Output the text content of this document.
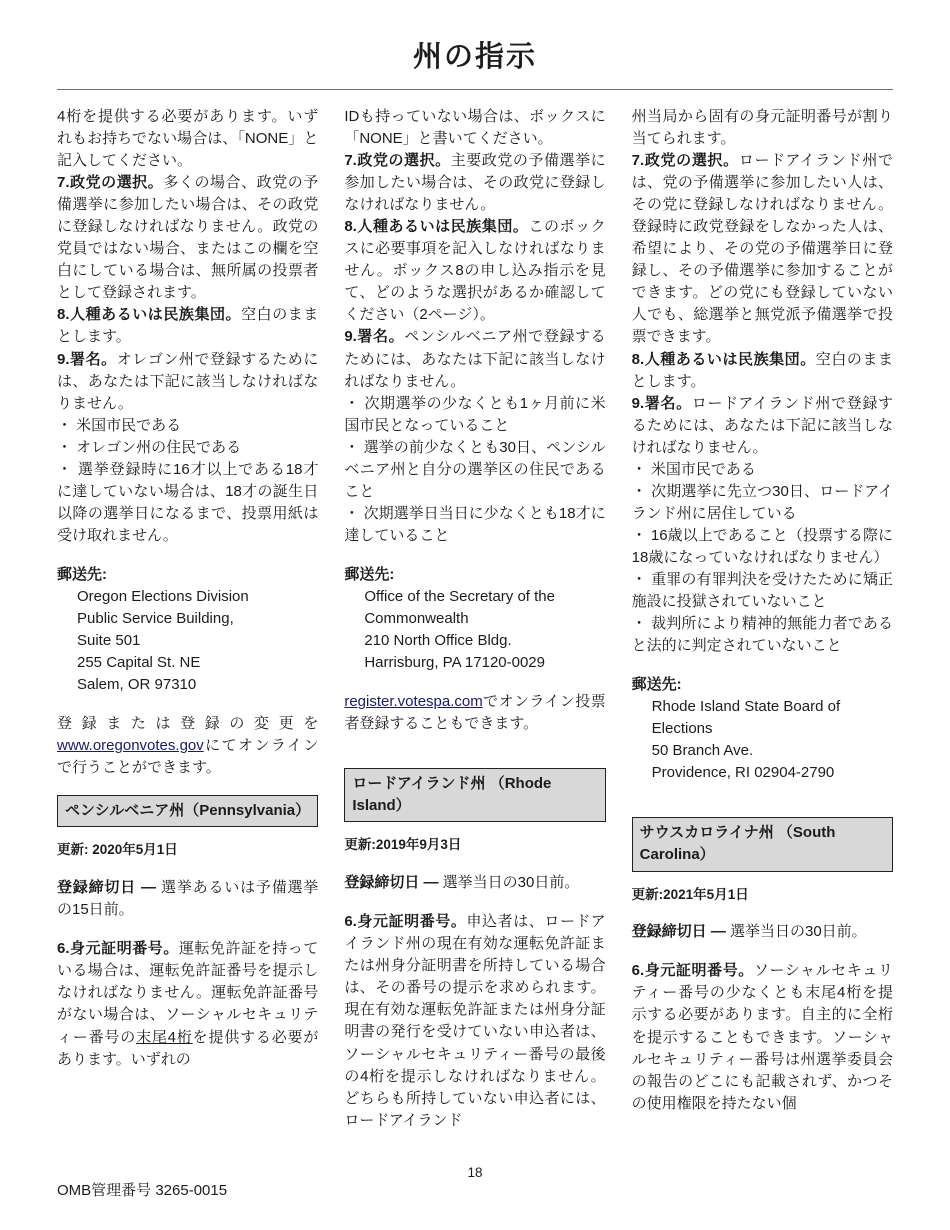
州の指示

4桁を提供する必要があります。いずれもお持ちでない場合は、「NONE」と記入してください。

7.政党の選択。多くの場合、政党の予備選挙に参加したい場合は、その政党に登録しなければなりません。政党の党員ではない場合、またはこの欄を空白にしている場合は、無所属の投票者として登録されます。

8.人種あるいは民族集団。空白のままとします。

9.署名。オレゴン州で登録するためには、あなたは下記に該当しなければなりません。

・ 米国市民である

・ オレゴン州の住民である

・ 選挙登録時に16才以上である18才に達していない場合は、18才の誕生日以降の選挙日になるまで、投票用紙は受け取れません。

郵送先:

Oregon Elections Division
Public Service Building,
Suite 501
255 Capital St. NE
Salem, OR 97310

登録または登録の変更をwww.oregonvotes.govにてオンラインで行うことができます。

ペンシルベニア州（Pennsylvania）

更新: 2020年5月1日

登録締切日 — 選挙あるいは予備選挙の15日前。

6.身元証明番号。運転免許証を持っている場合は、運転免許証番号を提示しなければなりません。運転免許証番号がない場合は、ソーシャルセキュリティー番号の末尾4桁を提供する必要があります。いずれの

IDも持っていない場合は、ボックスに「NONE」と書いてください。

7.政党の選択。主要政党の予備選挙に参加したい場合は、その政党に登録しなければなりません。

8.人種あるいは民族集団。このボックスに必要事項を記入しなければなりません。ボックス8の申し込み指示を見て、どのような選択があるか確認してください（2ページ）。

9.署名。ペンシルベニア州で登録するためには、あなたは下記に該当しなければなりません。

・ 次期選挙の少なくとも1ヶ月前に米国市民となっていること

・ 選挙の前少なくとも30日、ペンシルベニア州と自分の選挙区の住民であること

・ 次期選挙日当日に少なくとも18才に達していること

郵送先:

Office of the Secretary of the Commonwealth
210 North Office Bldg.
Harrisburg, PA 17120-0029

register.votespa.comでオンライン投票者登録することもできます。

ロードアイランド州 （Rhode Island）

更新:2019年9月3日

登録締切日 — 選挙当日の30日前。

6.身元証明番号。申込者は、ロードアイランド州の現在有効な運転免許証または州身分証明書を所持している場合は、その番号の提示を求められます。現在有効な運転免許証または州身分証明書の発行を受けていない申込者は、ソーシャルセキュリティー番号の最後の4桁を提示しなければなりません。どちらも所持していない申込者には、ロードアイランド

州当局から固有の身元証明番号が割り当てられます。

7.政党の選択。ロードアイランド州では、党の予備選挙に参加したい人は、その党に登録しなければなりません。登録時に政党登録をしなかった人は、希望により、その党の予備選挙日に登録し、その予備選挙に参加することができます。どの党にも登録していない人でも、総選挙と無党派予備選挙で投票できます。

8.人種あるいは民族集団。空白のままとします。

9.署名。ロードアイランド州で登録するためには、あなたは下記に該当しなければなりません。

・ 米国市民である

・ 次期選挙に先立つ30日、ロードアイランド州に居住している

・ 16歳以上であること（投票する際に18歳になっていなければなりません）

・ 重罪の有罪判決を受けたために矯正施設に投獄されていないこと

・ 裁判所により精神的無能力者であると法的に判定されていないこと

郵送先:

Rhode Island State Board of Elections
50 Branch Ave.
Providence, RI 02904-2790
サウスカロライナ州 （South Carolina）

更新:2021年5月1日

登録締切日 — 選挙当日の30日前。

6.身元証明番号。ソーシャルセキュリティー番号の少なくとも末尾4桁を提示する必要があります。自主的に全桁を提示することもできます。ソーシャルセキュリティー番号は州選挙委員会の報告のどこにも記載されず、かつその使用権限を持たない個

18
OMB管理番号 3265-0015
